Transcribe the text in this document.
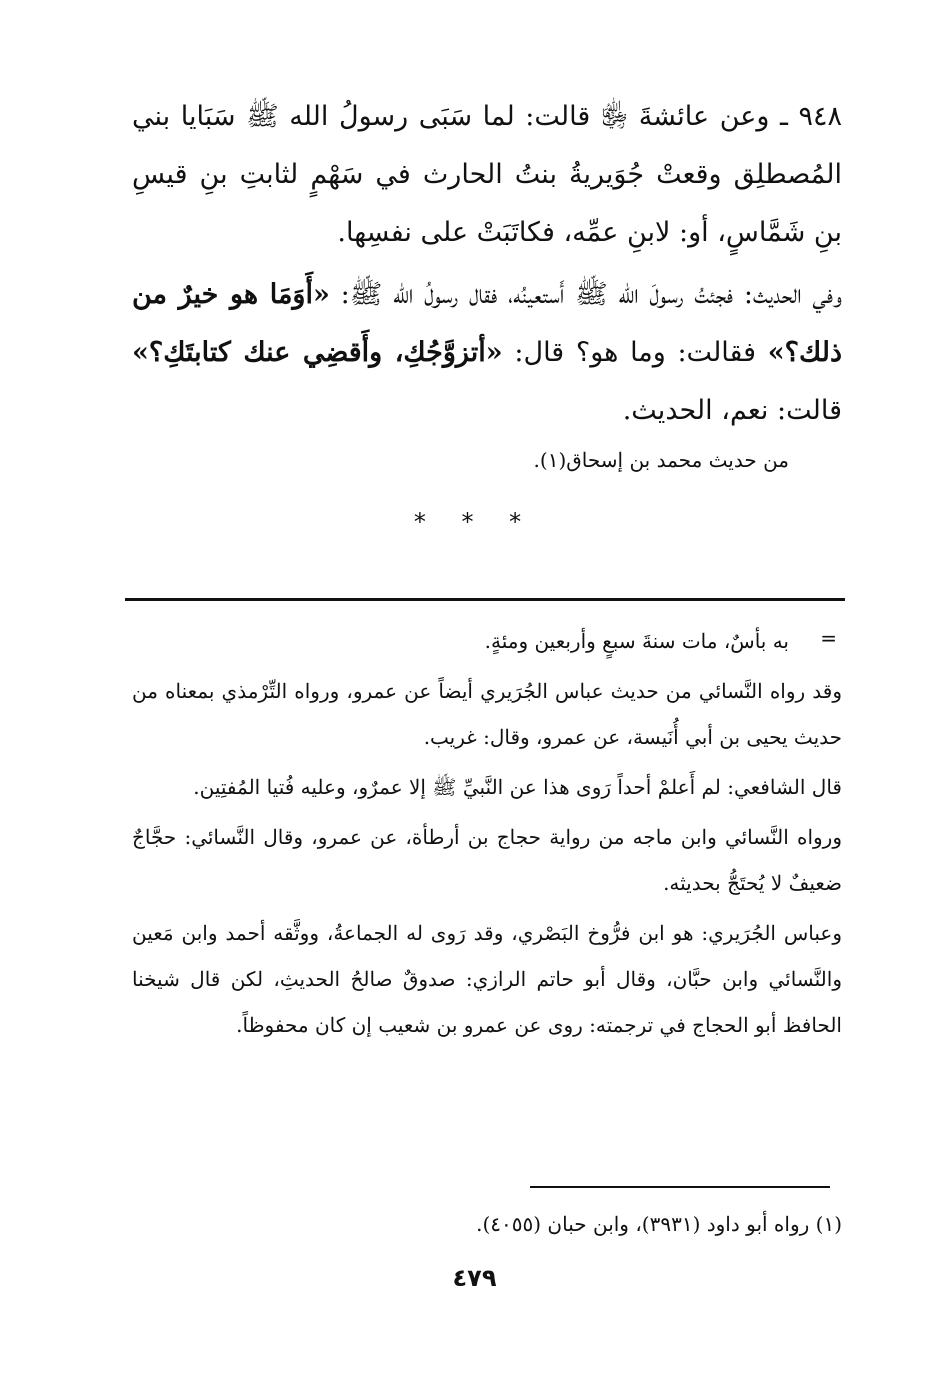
٩٤٨ ـ وعن عائشةَ ﵂ قالت: لما سَبَى رسولُ الله ﷺ سَبَايا بني المُصطلِق وقعتْ جُوَيريةُ بنتُ الحارث في سَهْمٍ لثابتِ بنِ قيسِ بنِ شَمَّاسٍ، أو: لابنِ عمِّه، فكاتَبَتْ على نفسِها.

وفي الحديث: فجئتُ رسولَ الله ﷺ أَستعينُه، فقال رسولُ الله ﷺ: «أَوَمَا هو خيرٌ من ذلك؟» فقالت: وما هو؟ قال: «أتزوَّجُكِ، وأَقضِي عنك كتابتَكِ؟» قالت: نعم، الحديث.

من حديث محمد بن إسحاق(١).
* * *
=

به بأسٌ، مات سنةَ سبعٍ وأربعين ومئةٍ.

وقد رواه النَّسائي من حديث عباس الجُرَيري أيضاً عن عمرو، ورواه التِّرْمذي بمعناه من حديث يحيى بن أبي أُنَيسة، عن عمرو، وقال: غريب.

قال الشافعي: لم أَعلمْ أحداً رَوى هذا عن النَّبيِّ ﷺ إلا عمرٌو، وعليه فُتيا المُفتِين.

ورواه النَّسائي وابن ماجه من رواية حجاج بن أرطأة، عن عمرو، وقال النَّسائي: حجَّاجٌ ضعيفٌ لا يُحتَجُّ بحديثه.

وعباس الجُرَيري: هو ابن فرُّوخ البَصْري، وقد رَوى له الجماعةُ، ووثَّقه أحمد وابن مَعين والنَّسائي وابن حبَّان، وقال أبو حاتم الرازي: صدوقٌ صالحُ الحديثِ، لكن قال شيخنا الحافظ أبو الحجاج في ترجمته: روى عن عمرو بن شعيب إن كان محفوظاً.

(١) رواه أبو داود (٣٩٣١)، وابن حبان (٤٠٥٥).
٤٧٩
